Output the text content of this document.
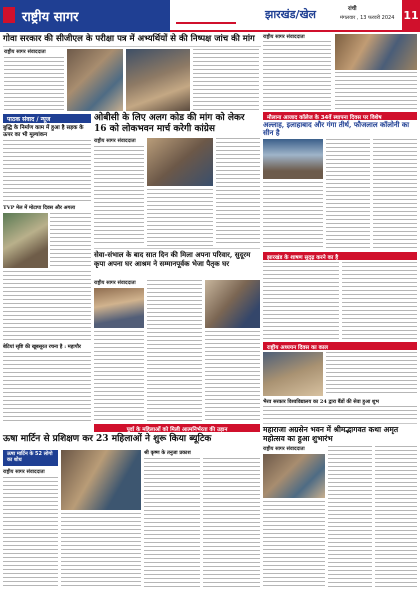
राष्ट्रीय सागर	झारखंड/खेल	रांची
मंगलवार , 13 फरवरी 2024 11
गोवा सरकार की सीजीएल के परीक्षा पत्र में अभ्यर्थियों से की निष्पक्ष जांच की मांग
राष्ट्रीय सागर संवाददाता
राष्ट्रीय सागर संवाददाता
मौलाना आजाद कॉलेज के 34वें स्थापना दिवस पर विशेष
अल्लाह, इलाहाबाद और गंगा तीर्थ, फौजलाल कॉलोनी का सीन है
पाठक संवाद / न्यूज
बुद्धि के निर्माण काम में हुआ है सड़क के ऊपर का भी मूल्यांकन
TVP मेल में मोटापा दिवस और अगला
बेटियां सृष्टि की खूबसूरत रचना है : महापौर
ओबीसी के लिए अलग कोड की मांग को लेकर 16 को लोकभवन मार्च करेगी कांग्रेस
राष्ट्रीय सागर संवाददाता
सेवा-संभाल के बाद सात दिन की मिला अपना परिवार, सुदूरम कृपा अपना घर आश्रम ने सम्मानपूर्वक भेजा पैतृक घर
राष्ट्रीय सागर संवाददाता
झारखंड के शाषण सुदृढ़ करने का है
राष्ट्रीय अध्ययन दिवस का काल
भैरव सरकार विश्वविद्यालय का 24 द्वारा बैंडों की सेवा हुआ शुभ
पूर्वा के महिलाओं को मिली आत्मनिर्भरता की उड़ान
ऊषा मार्टिन से प्रशिक्षण कर 23 महिलाओं ने शुरू किया ब्यूटिक
ऊषा मार्टिन के 52 लोगो का शोध
राष्ट्रीय सागर संवाददाता
श्री कृष्ण के तनुजा प्रकाश
महाराजा अग्रसेन भवन में श्रीमद्भागवत कथा अमृत महोत्सव का हुआ शुभारंभ
राष्ट्रीय सागर संवाददाता
